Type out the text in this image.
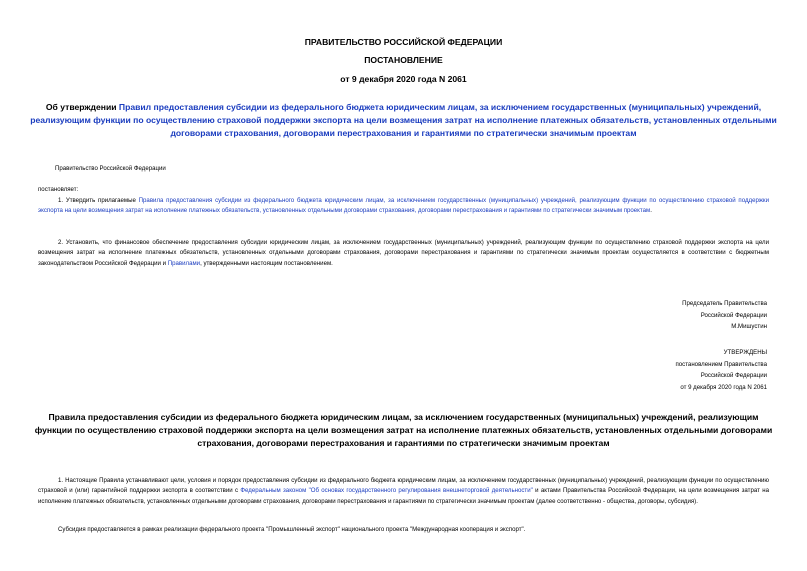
ПРАВИТЕЛЬСТВО РОССИЙСКОЙ ФЕДЕРАЦИИ
ПОСТАНОВЛЕНИЕ
от 9 декабря 2020 года N 2061
Об утверждении Правил предоставления субсидии из федерального бюджета юридическим лицам, за исключением государственных (муниципальных) учреждений, реализующим функции по осуществлению страховой поддержки экспорта на цели возмещения затрат на исполнение платежных обязательств, установленных отдельными договорами страхования, договорами перестрахования и гарантиями по стратегически значимым проектам
Правительство Российской Федерации
постановляет:
1. Утвердить прилагаемые Правила предоставления субсидии из федерального бюджета юридическим лицам, за исключением государственных (муниципальных) учреждений, реализующим функции по осуществлению страховой поддержки экспорта на цели возмещения затрат на исполнение платежных обязательств, установленных отдельными договорами страхования, договорами перестрахования и гарантиями по стратегически значимым проектам.
2. Установить, что финансовое обеспечение предоставления субсидии юридическим лицам, за исключением государственных (муниципальных) учреждений, реализующим функции по осуществлению страховой поддержки экспорта на цели возмещения затрат на исполнение платежных обязательств, установленных отдельными договорами страхования, договорами перестрахования и гарантиями по стратегически значимым проектам осуществляется в соответствии с бюджетным законодательством Российской Федерации и Правилами, утвержденными настоящим постановлением.
Председатель Правительства
Российской Федерации
М.Мишустин
УТВЕРЖДЕНЫ
постановлением Правительства
Российской Федерации
от 9 декабря 2020 года N 2061
Правила предоставления субсидии из федерального бюджета юридическим лицам, за исключением государственных (муниципальных) учреждений, реализующим функции по осуществлению страховой поддержки экспорта на цели возмещения затрат на исполнение платежных обязательств, установленных отдельными договорами страхования, договорами перестрахования и гарантиями по стратегически значимым проектам
1. Настоящие Правила устанавливают цели, условия и порядок предоставления субсидии из федерального бюджета юридическим лицам, за исключением государственных (муниципальных) учреждений, реализующим функции по осуществлению страховой и (или) гарантийной поддержки экспорта в соответствии с Федеральным законом "Об основах государственного регулирования внешнеторговой деятельности" и актами Правительства Российской Федерации, на цели возмещения затрат на исполнение платежных обязательств, установленных отдельными договорами страхования, договорами перестрахования и гарантиями по стратегически значимым проектам (далее соответственно - общества, договоры, субсидия).
Субсидия предоставляется в рамках реализации федерального проекта "Промышленный экспорт" национального проекта "Международная кооперация и экспорт".
